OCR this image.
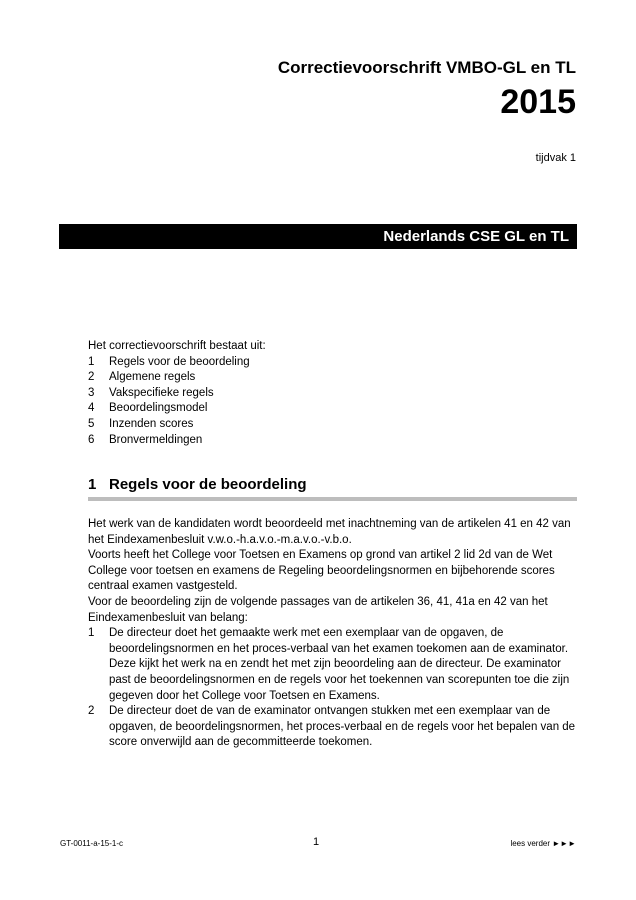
Correctievoorschrift VMBO-GL en TL
2015
tijdvak 1
Nederlands CSE GL en TL
Het correctievoorschrift bestaat uit:
1	Regels voor de beoordeling
2	Algemene regels
3	Vakspecifieke regels
4	Beoordelingsmodel
5	Inzenden scores
6	Bronvermeldingen
1 Regels voor de beoordeling

Het werk van de kandidaten wordt beoordeeld met inachtneming van de artikelen 41 en 42 van het Eindexamenbesluit v.w.o.-h.a.v.o.-m.a.v.o.-v.b.o.

Voorts heeft het College voor Toetsen en Examens op grond van artikel 2 lid 2d van de Wet College voor toetsen en examens de Regeling beoordelingsnormen en bijbehorende scores centraal examen vastgesteld.

Voor de beoordeling zijn de volgende passages van de artikelen 36, 41, 41a en 42 van het Eindexamenbesluit van belang:

1	De directeur doet het gemaakte werk met een exemplaar van de opgaven, de beoordelingsnormen en het proces-verbaal van het examen toekomen aan de examinator. Deze kijkt het werk na en zendt het met zijn beoordeling aan de directeur. De examinator past de beoordelingsnormen en de regels voor het toekennen van scorepunten toe die zijn gegeven door het College voor Toetsen en Examens.
2	De directeur doet de van de examinator ontvangen stukken met een exemplaar van de opgaven, de beoordelingsnormen, het proces-verbaal en de regels voor het bepalen van de score onverwijld aan de gecommitteerde toekomen.
GT-0011-a-15-1-c	1	lees verder ►►►
